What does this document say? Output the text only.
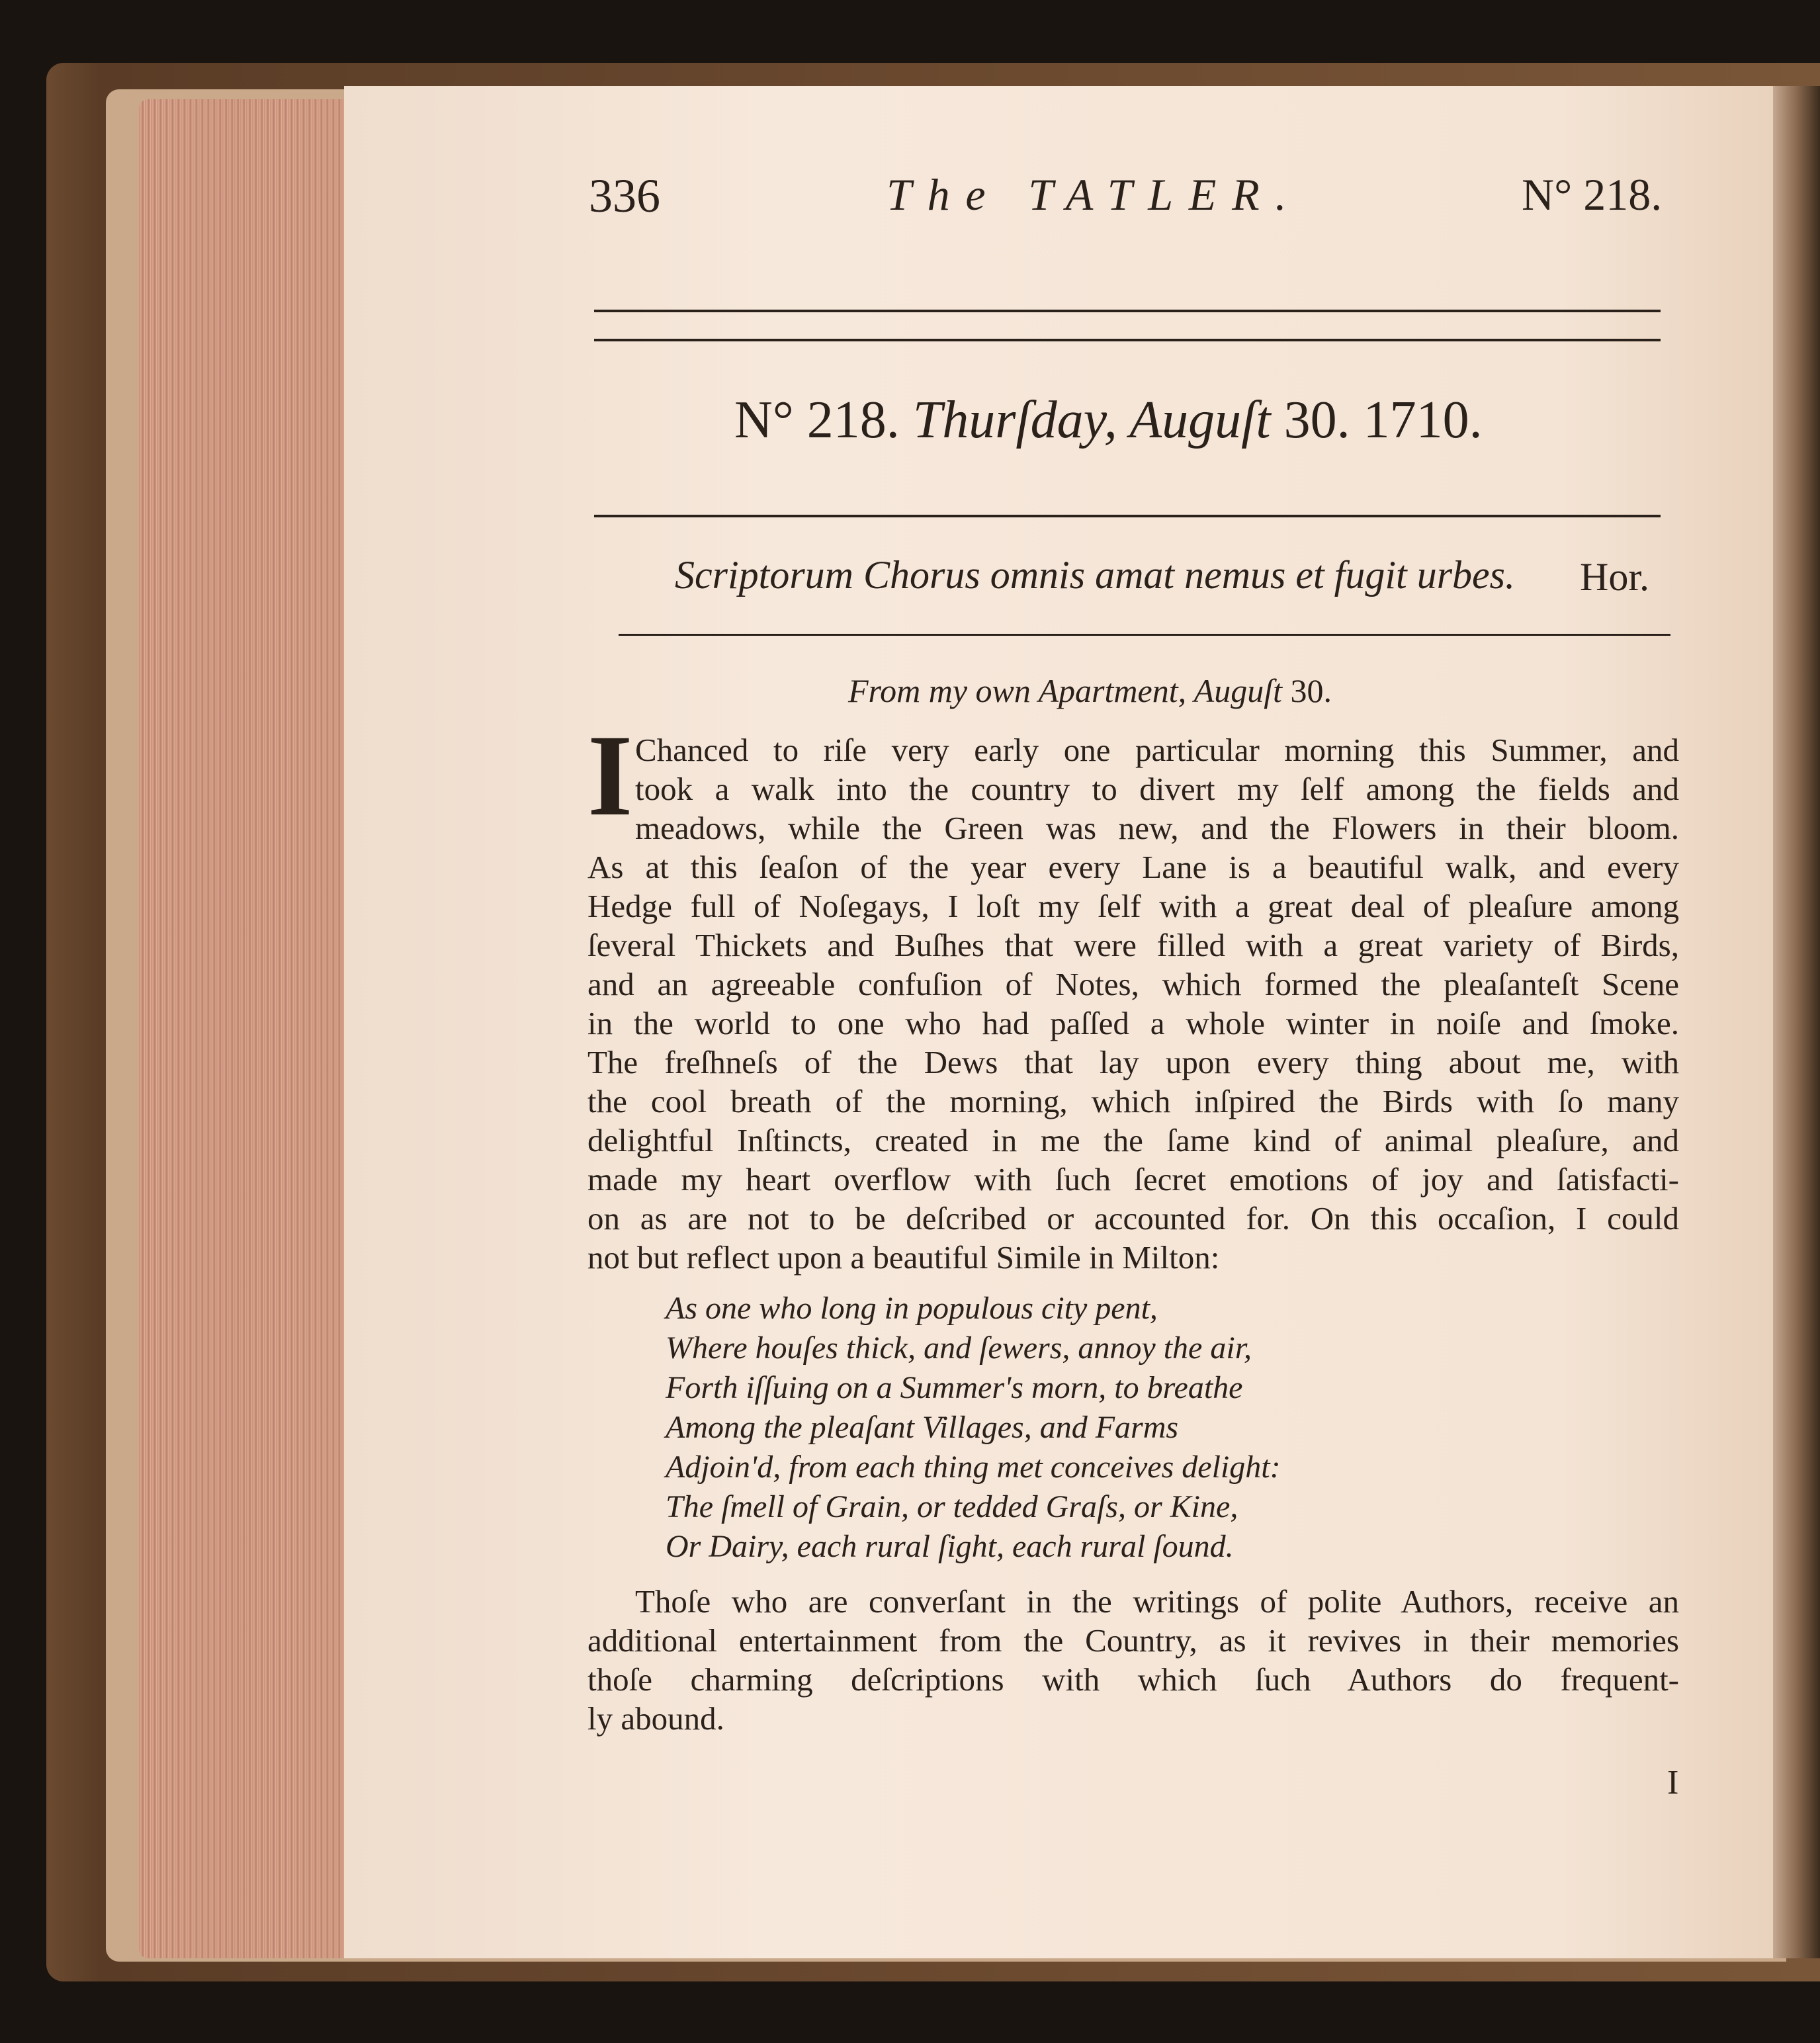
336	The TATLER.	N° 218.

N° 218. Thurſday, Auguſt 30. 1710.

Scriptorum Chorus omnis amat nemus et fugit urbes. Hor.

From my own Apartment, Auguſt 30.

I Chanced to riſe very early one particular morning this Summer, and

took a walk into the country to divert my ſelf among the fields and

meadows, while the Green was new, and the Flowers in their bloom.

As at this ſeaſon of the year every Lane is a beautiful walk, and every

Hedge full of Noſegays, I loſt my ſelf with a great deal of pleaſure among

ſeveral Thickets and Buſhes that were filled with a great variety of Birds,

and an agreeable confuſion of Notes, which formed the pleaſanteſt Scene

in the world to one who had paſſed a whole winter in noiſe and ſmoke.

The freſhneſs of the Dews that lay upon every thing about me, with

the cool breath of the morning, which inſpired the Birds with ſo many

delightful Inſtincts, created in me the ſame kind of animal pleaſure, and

made my heart overflow with ſuch ſecret emotions of joy and ſatisfacti-

on as are not to be deſcribed or accounted for. On this occaſion, I could

not but reflect upon a beautiful Simile in Milton:

As one who long in populous city pent,

Where houſes thick, and ſewers, annoy the air,

Forth iſſuing on a Summer's morn, to breathe

Among the pleaſant Villages, and Farms

Adjoin'd, from each thing met conceives delight:

The ſmell of Grain, or tedded Graſs, or Kine,

Or Dairy, each rural ſight, each rural ſound.

Thoſe who are converſant in the writings of polite Authors, receive an

additional entertainment from the Country, as it revives in their memories

thoſe charming deſcriptions with which ſuch Authors do frequent-

ly abound.

I
